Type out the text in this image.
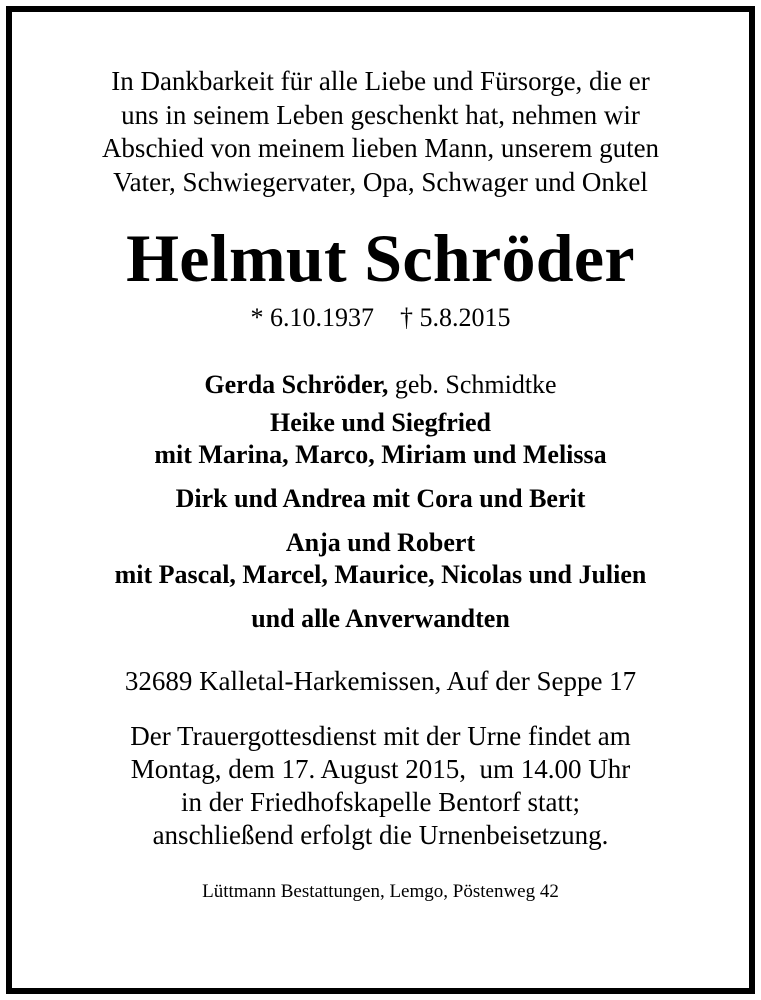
In Dankbarkeit für alle Liebe und Fürsorge, die er
uns in seinem Leben geschenkt hat, nehmen wir
Abschied von meinem lieben Mann, unserem guten
Vater, Schwiegervater, Opa, Schwager und Onkel

Helmut Schröder

* 6.10.1937 † 5.8.2015

Gerda Schröder, geb. Schmidtke

Heike und Siegfried
mit Marina, Marco, Miriam und Melissa

Dirk und Andrea mit Cora und Berit

Anja und Robert
mit Pascal, Marcel, Maurice, Nicolas und Julien

und alle Anverwandten

32689 Kalletal-Harkemissen, Auf der Seppe 17

Der Trauergottesdienst mit der Urne findet am
Montag, dem 17. August 2015,  um 14.00 Uhr
in der Friedhofskapelle Bentorf statt;
anschließend erfolgt die Urnenbeisetzung.

Lüttmann Bestattungen, Lemgo, Pöstenweg 42
